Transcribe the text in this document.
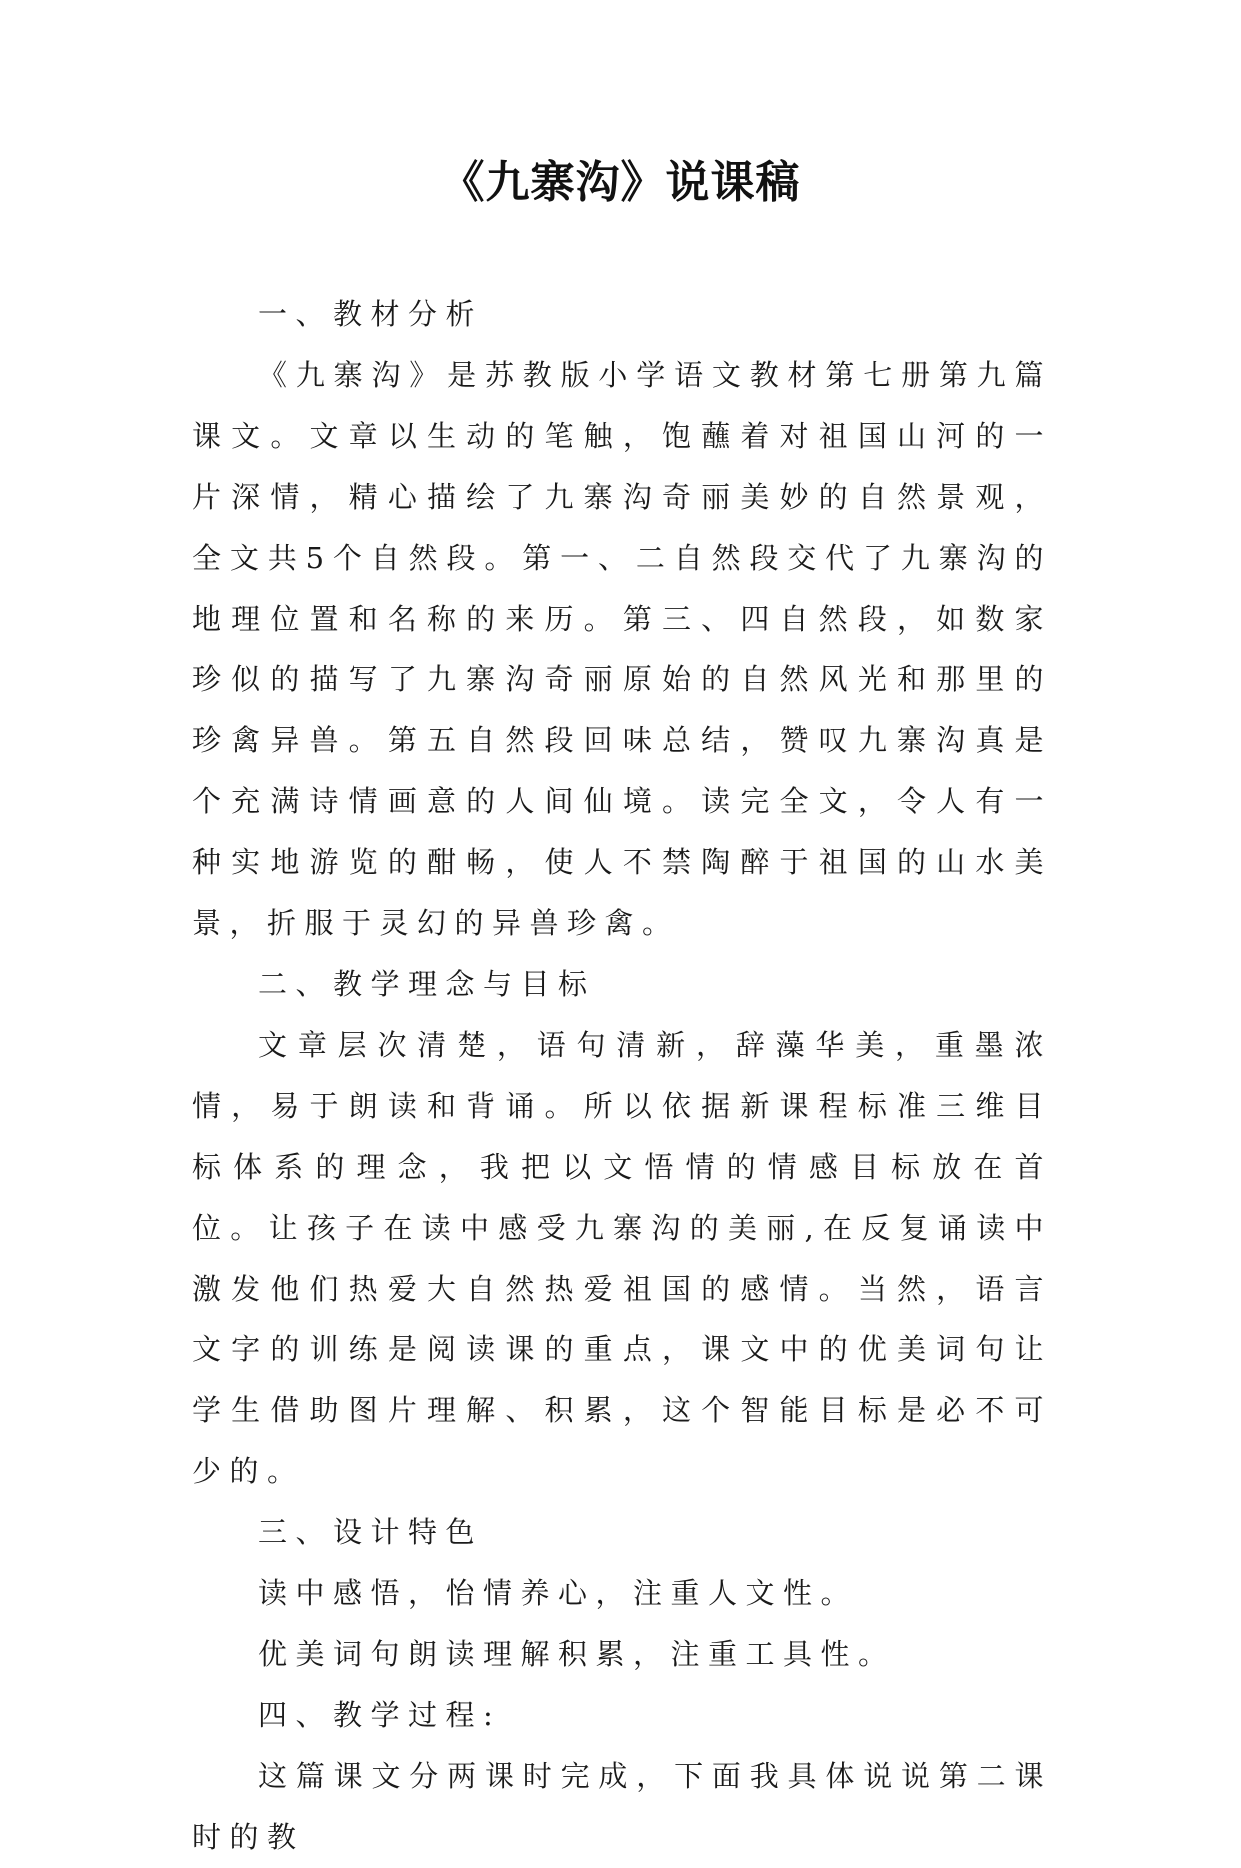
《九寨沟》说课稿

一、教材分析

《九寨沟》是苏教版小学语文教材第七册第九篇课文。文章以生动的笔触，饱蘸着对祖国山河的一片深情，精心描绘了九寨沟奇丽美妙的自然景观，全文共5个自然段。第一、二自然段交代了九寨沟的地理位置和名称的来历。第三、四自然段，如数家珍似的描写了九寨沟奇丽原始的自然风光和那里的珍禽异兽。第五自然段回味总结，赞叹九寨沟真是个充满诗情画意的人间仙境。读完全文，令人有一种实地游览的酣畅，使人不禁陶醉于祖国的山水美景，折服于灵幻的异兽珍禽。

二、教学理念与目标

文章层次清楚，语句清新，辞藻华美，重墨浓情，易于朗读和背诵。所以依据新课程标准三维目标体系的理念，我把以文悟情的情感目标放在首位。让孩子在读中感受九寨沟的美丽,在反复诵读中激发他们热爱大自然热爱祖国的感情。当然，语言文字的训练是阅读课的重点，课文中的优美词句让学生借助图片理解、积累，这个智能目标是必不可少的。

三、设计特色

读中感悟，怡情养心，注重人文性。

优美词句朗读理解积累，注重工具性。

四、教学过程:

这篇课文分两课时完成，下面我具体说说第二课时的教
